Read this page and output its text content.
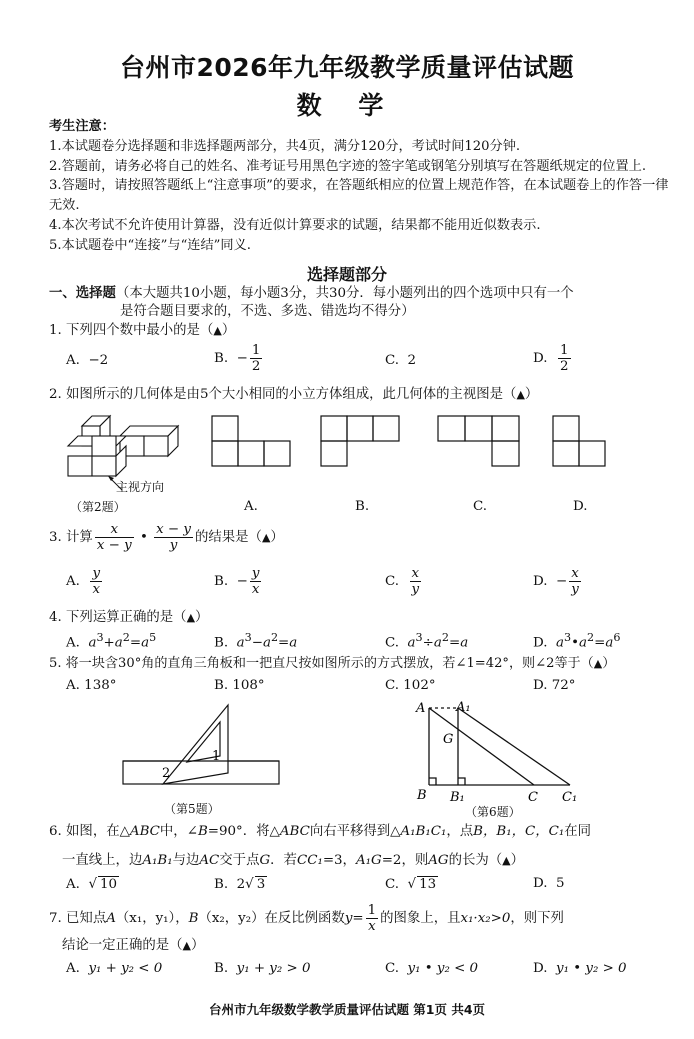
台州市2026年九年级教学质量评估试题
数 学
考生注意：
1.本试题卷分选择题和非选择题两部分，共4页，满分120分，考试时间120分钟.
2.答题前，请务必将自己的姓名、准考证号用黑色字迹的签字笔或钢笔分别填写在答题纸规定的位置上.
3.答题时，请按照答题纸上“注意事项”的要求，在答题纸相应的位置上规范作答，在本试题卷上的作答一律无效.
4.本次考试不允许使用计算器，没有近似计算要求的试题，结果都不能用近似数表示.
5.本试题卷中“连接”与“连结”同义.
选择题部分
一、选择题（本大题共10小题，每小题3分，共30分．每小题列出的四个选项中只有一个
是符合题目要求的，不选、多选、错选均不得分）
1. 下列四个数中最小的是（▲）
A. −2	B. − $\frac{1}{2}$	C. 2	D. $\frac{1}{2}$
2. 如图所示的几何体是由5个大小相同的小立方体组成，此几何体的主视图是（▲）
主视方向
（第2题）	A.	B.	C.	D.
3. 计算 $\frac{x}{x - y}$ • $\frac{x - y}{y}$ 的结果是（▲）
A. $\frac{y}{x}$	B. − $\frac{y}{x}$	C. $\frac{x}{y}$	D. − $\frac{x}{y}$
4. 下列运算正确的是（▲）
A. $a^3+a^2=a^5$	B. $a^3-a^2=a$	C. $a^3\div a^2=a$	D. $a^3•a^2=a^6$
5. 将一块含30°角的直角三角板和一把直尺按如图所示的方式摆放，若∠1=42°，则∠2等于（▲）
A. 138°	B. 108°	C. 102°	D. 72°
1
2
（第5题）
A A₁
G
B B₁	C C₁
（第6题）
6. 如图，在△ABC中，∠B=90°．将△ABC向右平移得到△A₁B₁C₁，点B，B₁，C，C₁在同
一直线上，边A₁B₁与边AC交于点G．若CC₁=3，A₁G=2，则AG的长为（▲）
A. √ 10	B. 2√ 3	C. √ 13	D. 5
7. 已知点A（x₁，y₁），B（x₂，y₂）在反比例函数$y= \frac{1}{x}$ 的图象上，且x₁·x₂>0，则下列
结论一定正确的是（▲）
A. y₁ + y₂ < 0	B. y₁ + y₂ > 0	C. y₁ • y₂ < 0	D. y₁ • y₂ > 0
台州市九年级数学教学质量评估试题 第1页 共4页
